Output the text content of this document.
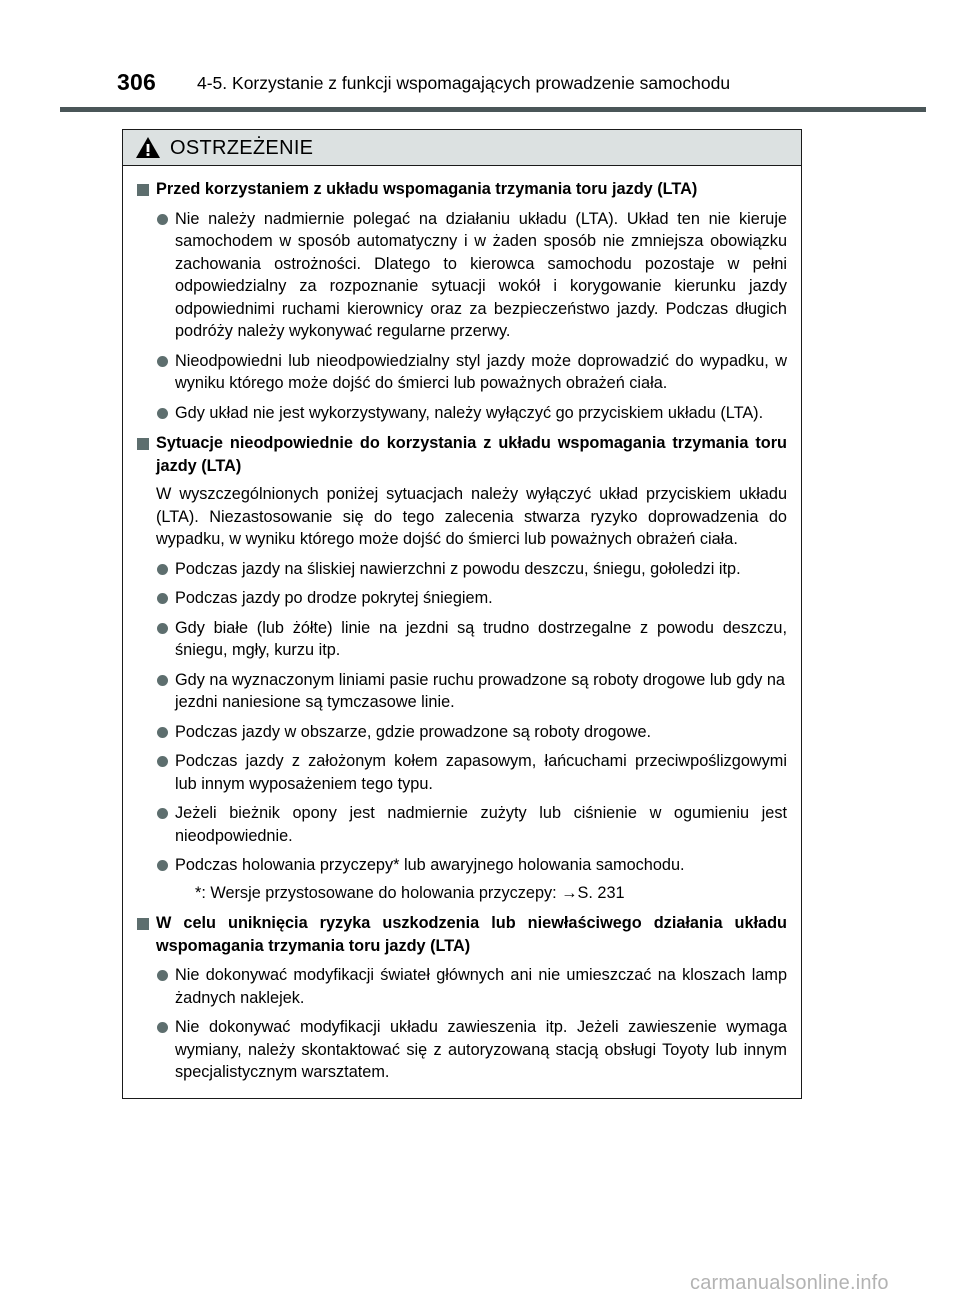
306 4-5. Korzystanie z funkcji wspomagających prowadzenie samochodu
OSTRZEŻENIE
Przed korzystaniem z układu wspomagania trzymania toru jazdy (LTA)
Nie należy nadmiernie polegać na działaniu układu (LTA). Układ ten nie kieruje samochodem w sposób automatyczny i w żaden sposób nie zmniejsza obowiązku zachowania ostrożności. Dlatego to kierowca samochodu pozostaje w pełni odpowiedzialny za rozpoznanie sytuacji wokół i korygowanie kierunku jazdy odpowiednimi ruchami kierownicy oraz za bezpieczeństwo jazdy. Podczas długich podróży należy wykonywać regularne przerwy.
Nieodpowiedni lub nieodpowiedzialny styl jazdy może doprowadzić do wypadku, w wyniku którego może dojść do śmierci lub poważnych obrażeń ciała.
Gdy układ nie jest wykorzystywany, należy wyłączyć go przyciskiem układu (LTA).
Sytuacje nieodpowiednie do korzystania z układu wspomagania trzymania toru jazdy (LTA)
W wyszczególnionych poniżej sytuacjach należy wyłączyć układ przyciskiem układu (LTA). Niezastosowanie się do tego zalecenia stwarza ryzyko doprowadzenia do wypadku, w wyniku którego może dojść do śmierci lub poważnych obrażeń ciała.
Podczas jazdy na śliskiej nawierzchni z powodu deszczu, śniegu, gołoledzi itp.
Podczas jazdy po drodze pokrytej śniegiem.
Gdy białe (lub żółte) linie na jezdni są trudno dostrzegalne z powodu deszczu, śniegu, mgły, kurzu itp.
Gdy na wyznaczonym liniami pasie ruchu prowadzone są roboty drogowe lub gdy na jezdni naniesione są tymczasowe linie.
Podczas jazdy w obszarze, gdzie prowadzone są roboty drogowe.
Podczas jazdy z założonym kołem zapasowym, łańcuchami przeciwpoślizgowymi lub innym wyposażeniem tego typu.
Jeżeli bieżnik opony jest nadmiernie zużyty lub ciśnienie w ogumieniu jest nieodpowiednie.
Podczas holowania przyczepy* lub awaryjnego holowania samochodu.
*: Wersje przystosowane do holowania przyczepy: →S. 231
W celu uniknięcia ryzyka uszkodzenia lub niewłaściwego działania układu wspomagania trzymania toru jazdy (LTA)
Nie dokonywać modyfikacji świateł głównych ani nie umieszczać na kloszach lamp żadnych naklejek.
Nie dokonywać modyfikacji układu zawieszenia itp. Jeżeli zawieszenie wymaga wymiany, należy skontaktować się z autoryzowaną stacją obsługi Toyoty lub innym specjalistycznym warsztatem.
carmanualsonline.info
